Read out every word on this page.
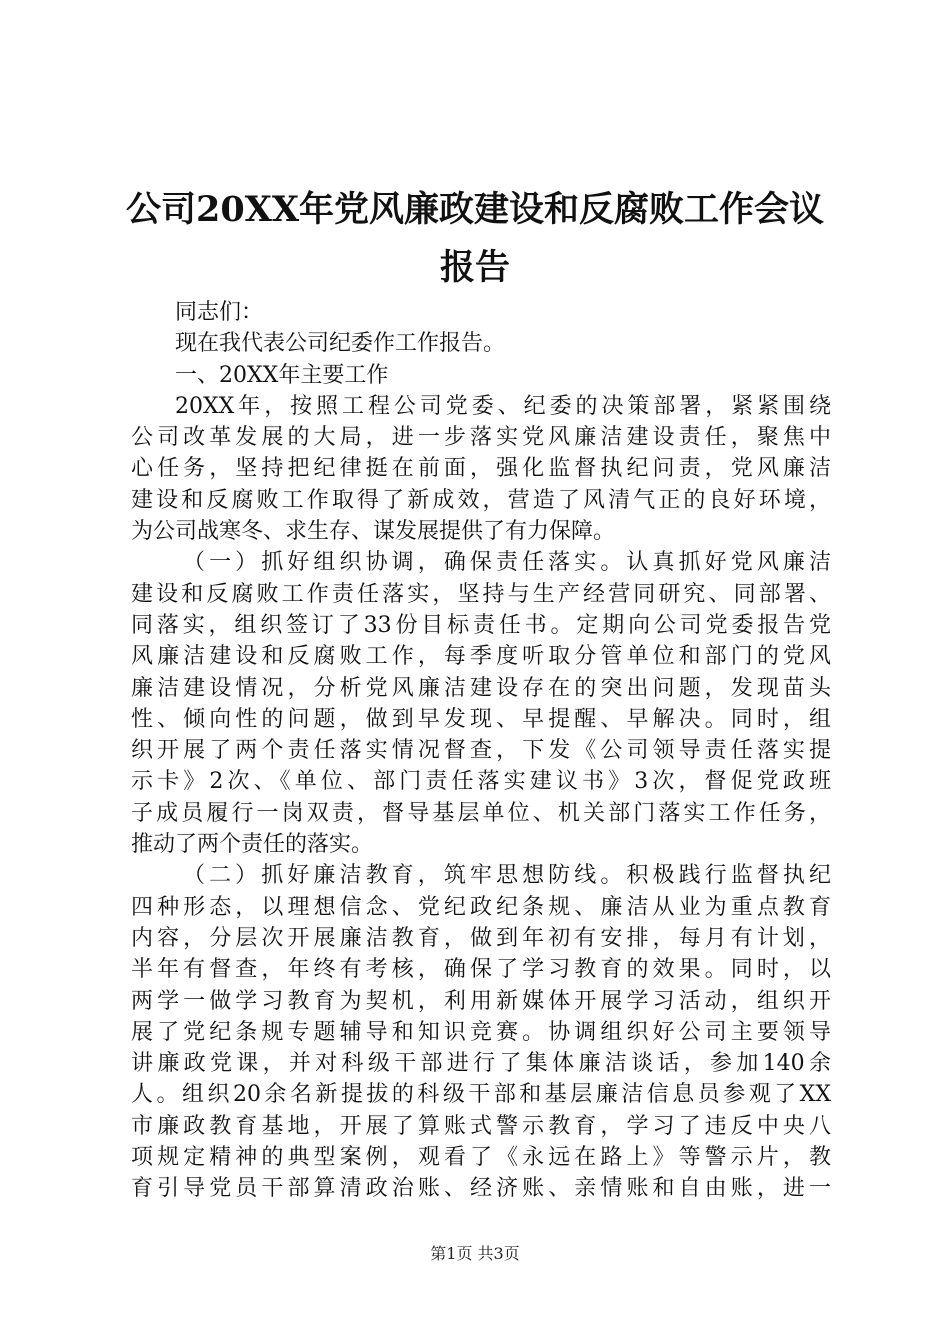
公司20XX年党风廉政建设和反腐败工作会议
报告
同志们：
现在我代表公司纪委作工作报告。
一、20XX年主要工作
20XX年，按照工程公司党委、纪委的决策部署，紧紧围绕
公司改革发展的大局，进一步落实党风廉洁建设责任，聚焦中
心任务，坚持把纪律挺在前面，强化监督执纪问责，党风廉洁
建设和反腐败工作取得了新成效，营造了风清气正的良好环境，
为公司战寒冬、求生存、谋发展提供了有力保障。
（一）抓好组织协调，确保责任落实。认真抓好党风廉洁
建设和反腐败工作责任落实，坚持与生产经营同研究、同部署、
同落实，组织签订了33份目标责任书。定期向公司党委报告党
风廉洁建设和反腐败工作，每季度听取分管单位和部门的党风
廉洁建设情况，分析党风廉洁建设存在的突出问题，发现苗头
性、倾向性的问题，做到早发现、早提醒、早解决。同时，组
织开展了两个责任落实情况督查，下发《公司领导责任落实提
示卡》2次、《单位、部门责任落实建议书》3次，督促党政班
子成员履行一岗双责，督导基层单位、机关部门落实工作任务，
推动了两个责任的落实。
（二）抓好廉洁教育，筑牢思想防线。积极践行监督执纪
四种形态，以理想信念、党纪政纪条规、廉洁从业为重点教育
内容，分层次开展廉洁教育，做到年初有安排，每月有计划，
半年有督查，年终有考核，确保了学习教育的效果。同时，以
两学一做学习教育为契机，利用新媒体开展学习活动，组织开
展了党纪条规专题辅导和知识竞赛。协调组织好公司主要领导
讲廉政党课，并对科级干部进行了集体廉洁谈话，参加140余
人。组织20余名新提拔的科级干部和基层廉洁信息员参观了XX
市廉政教育基地，开展了算账式警示教育，学习了违反中央八
项规定精神的典型案例，观看了《永远在路上》等警示片，教
育引导党员干部算清政治账、经济账、亲情账和自由账，进一
第1页 共3页
